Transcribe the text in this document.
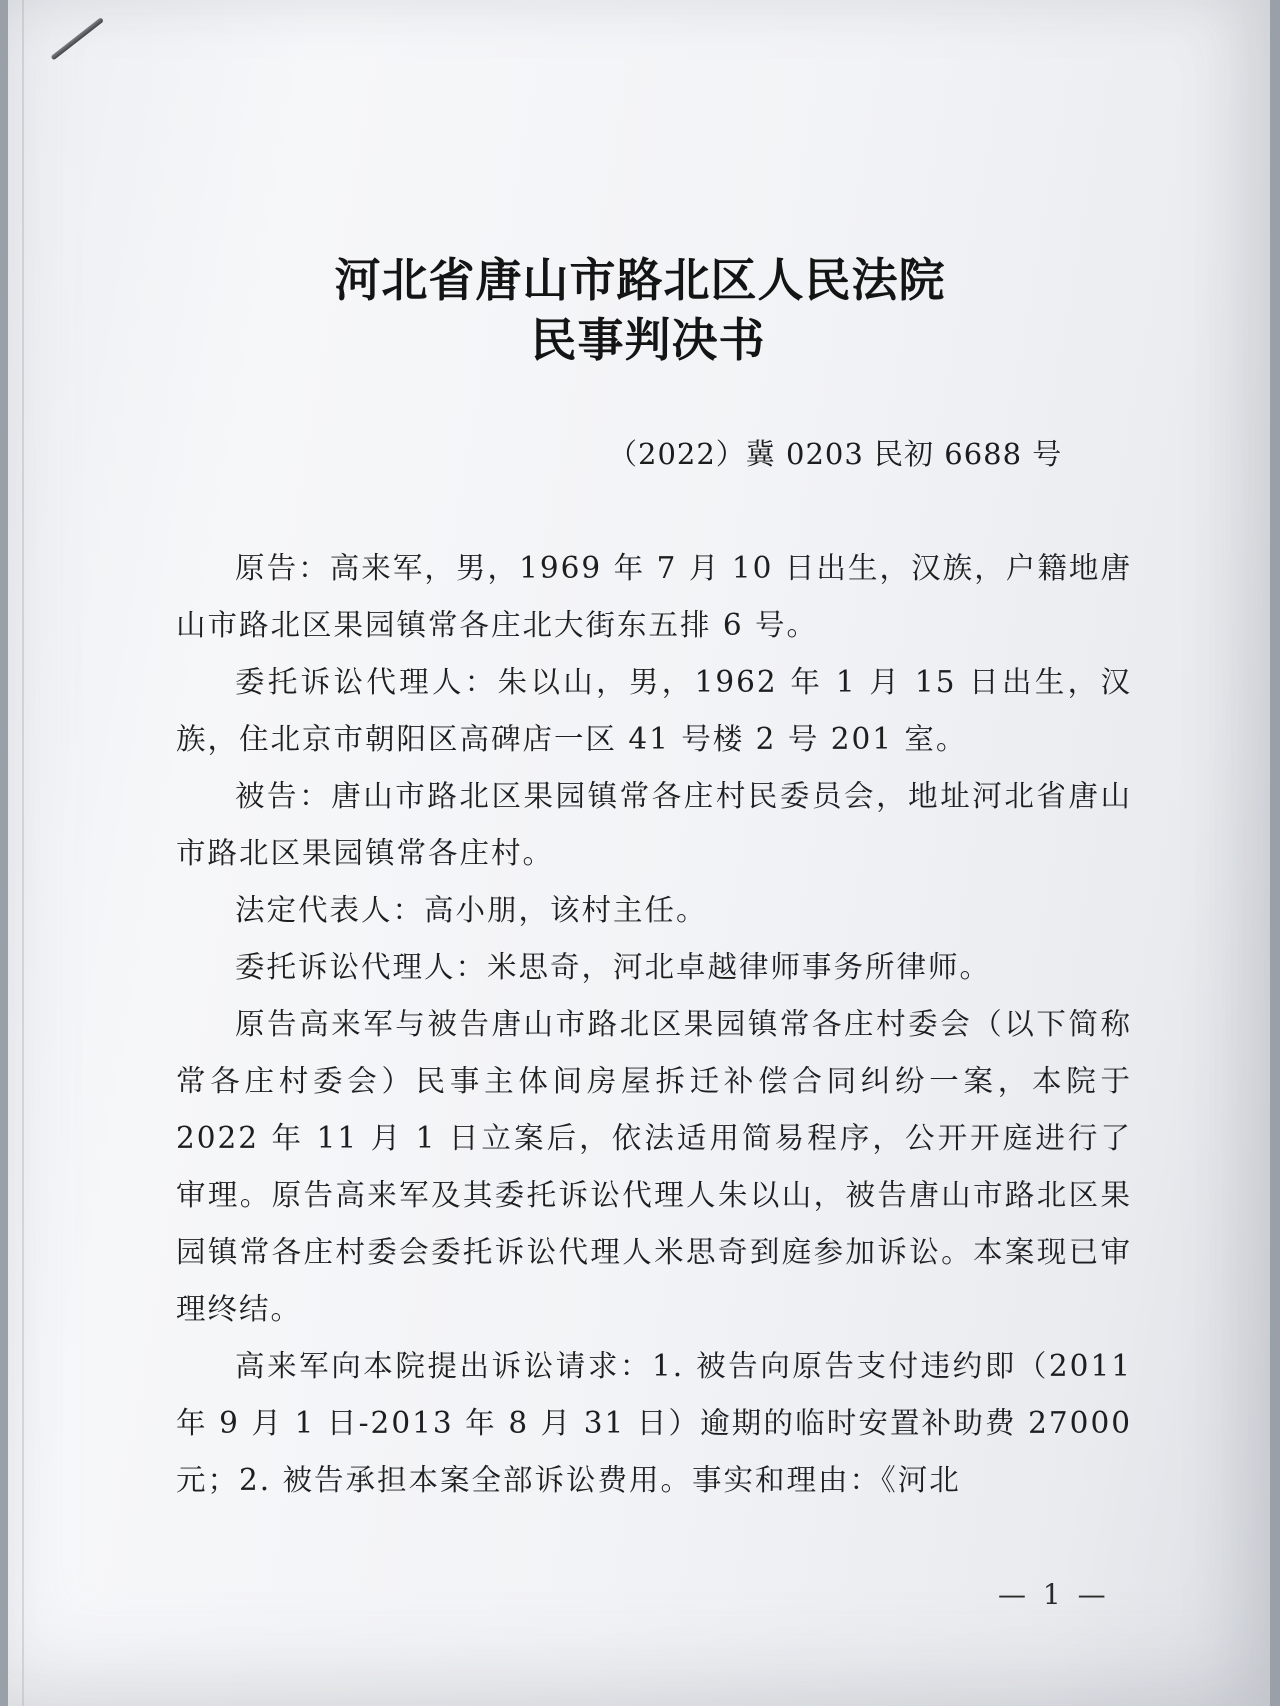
河北省唐山市路北区人民法院
民事判决书
（2022）冀 0203 民初 6688 号

原告：高来军，男，1969 年 7 月 10 日出生，汉族，户籍地唐山市路北区果园镇常各庄北大街东五排 6 号。

委托诉讼代理人：朱以山，男，1962 年 1 月 15 日出生，汉族，住北京市朝阳区高碑店一区 41 号楼 2 号 201 室。

被告：唐山市路北区果园镇常各庄村民委员会，地址河北省唐山市路北区果园镇常各庄村。

法定代表人：高小朋，该村主任。

委托诉讼代理人：米思奇，河北卓越律师事务所律师。

原告高来军与被告唐山市路北区果园镇常各庄村委会（以下简称常各庄村委会）民事主体间房屋拆迁补偿合同纠纷一案，本院于 2022 年 11 月 1 日立案后，依法适用简易程序，公开开庭进行了审理。原告高来军及其委托诉讼代理人朱以山，被告唐山市路北区果园镇常各庄村委会委托诉讼代理人米思奇到庭参加诉讼。本案现已审理终结。

高来军向本院提出诉讼请求：1. 被告向原告支付违约即（2011 年 9 月 1 日-2013 年 8 月 31 日）逾期的临时安置补助费 27000 元；2. 被告承担本案全部诉讼费用。事实和理由：《河北

— 1 —
